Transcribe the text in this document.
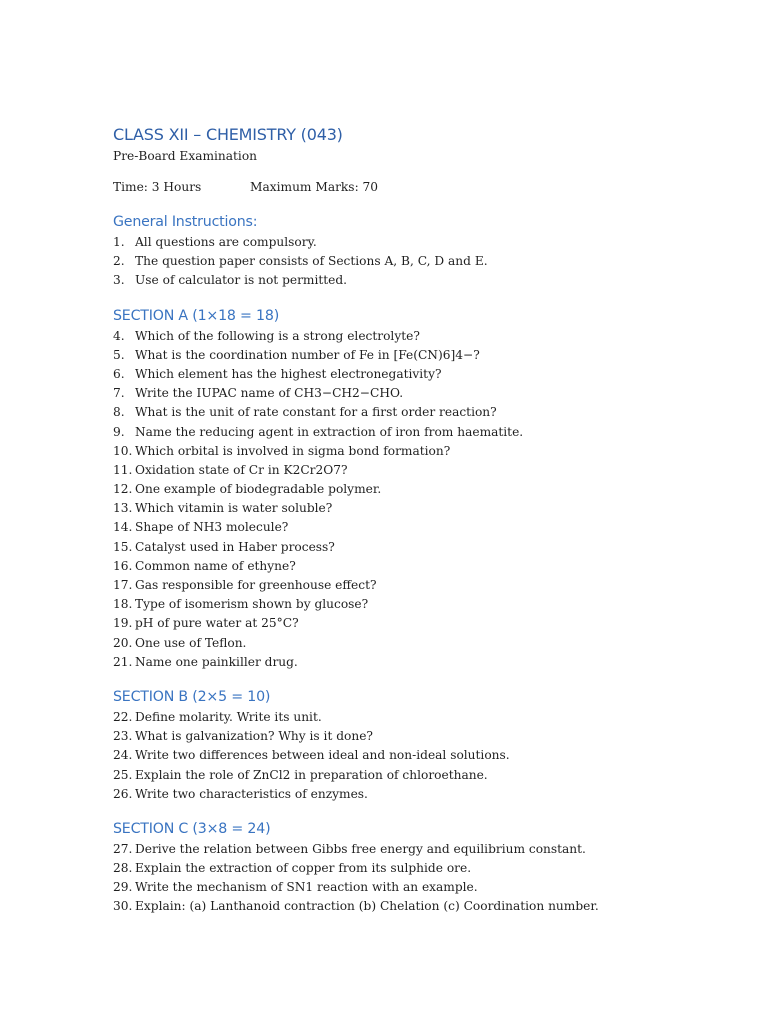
CLASS XII – CHEMISTRY (043)
Pre-Board Examination
Time: 3 Hours	Maximum Marks: 70
General Instructions:
1. All questions are compulsory.
2. The question paper consists of Sections A, B, C, D and E.
3. Use of calculator is not permitted.
SECTION A (1×18 = 18)
4. Which of the following is a strong electrolyte?
5. What is the coordination number of Fe in [Fe(CN)6]4−?
6. Which element has the highest electronegativity?
7. Write the IUPAC name of CH3−CH2−CHO.
8. What is the unit of rate constant for a first order reaction?
9. Name the reducing agent in extraction of iron from haematite.
10. Which orbital is involved in sigma bond formation?
11. Oxidation state of Cr in K2Cr2O7?
12. One example of biodegradable polymer.
13. Which vitamin is water soluble?
14. Shape of NH3 molecule?
15. Catalyst used in Haber process?
16. Common name of ethyne?
17. Gas responsible for greenhouse effect?
18. Type of isomerism shown by glucose?
19. pH of pure water at 25°C?
20. One use of Teflon.
21. Name one painkiller drug.
SECTION B (2×5 = 10)
22. Define molarity. Write its unit.
23. What is galvanization? Why is it done?
24. Write two differences between ideal and non-ideal solutions.
25. Explain the role of ZnCl2 in preparation of chloroethane.
26. Write two characteristics of enzymes.
SECTION C (3×8 = 24)
27. Derive the relation between Gibbs free energy and equilibrium constant.
28. Explain the extraction of copper from its sulphide ore.
29. Write the mechanism of SN1 reaction with an example.
30. Explain: (a) Lanthanoid contraction (b) Chelation (c) Coordination number.
